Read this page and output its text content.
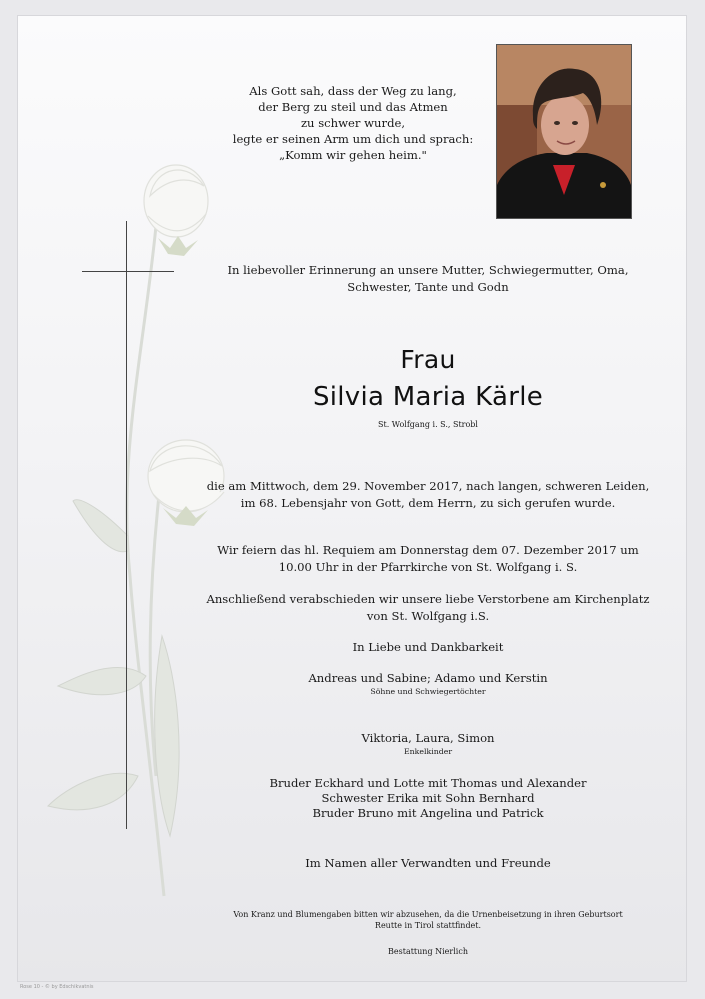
Als Gott sah, dass der Weg zu lang,
der Berg zu steil und das Atmen
zu schwer wurde,
legte er seinen Arm um dich und sprach:
„Komm wir gehen heim."
In liebevoller Erinnerung an unsere Mutter, Schwiegermutter, Oma,
Schwester, Tante und Godn
Frau
Silvia Maria Kärle
St. Wolfgang i. S., Strobl
die am Mittwoch, dem 29. November 2017, nach langen, schweren Leiden,
im 68. Lebensjahr von Gott, dem Herrn, zu sich gerufen wurde.
Wir feiern das hl. Requiem am Donnerstag dem 07. Dezember 2017 um
10.00 Uhr in der Pfarrkirche von St. Wolfgang i. S.
Anschließend verabschieden wir unsere liebe Verstorbene am Kirchenplatz
von St. Wolfgang i.S.
In Liebe und Dankbarkeit
Andreas und Sabine; Adamo und Kerstin
Söhne und Schwiegertöchter
Viktoria, Laura, Simon
Enkelkinder
Bruder Eckhard und Lotte mit Thomas und Alexander
Schwester Erika mit Sohn Bernhard
Bruder Bruno mit Angelina und Patrick
Im Namen aller Verwandten und Freunde
Von Kranz und Blumengaben bitten wir abzusehen, da die Urnenbeisetzung in ihren Geburtsort
Reutte in Tirol stattfindet.
Bestattung Nierlich
Rose 10 - © by Edschikvatnis
